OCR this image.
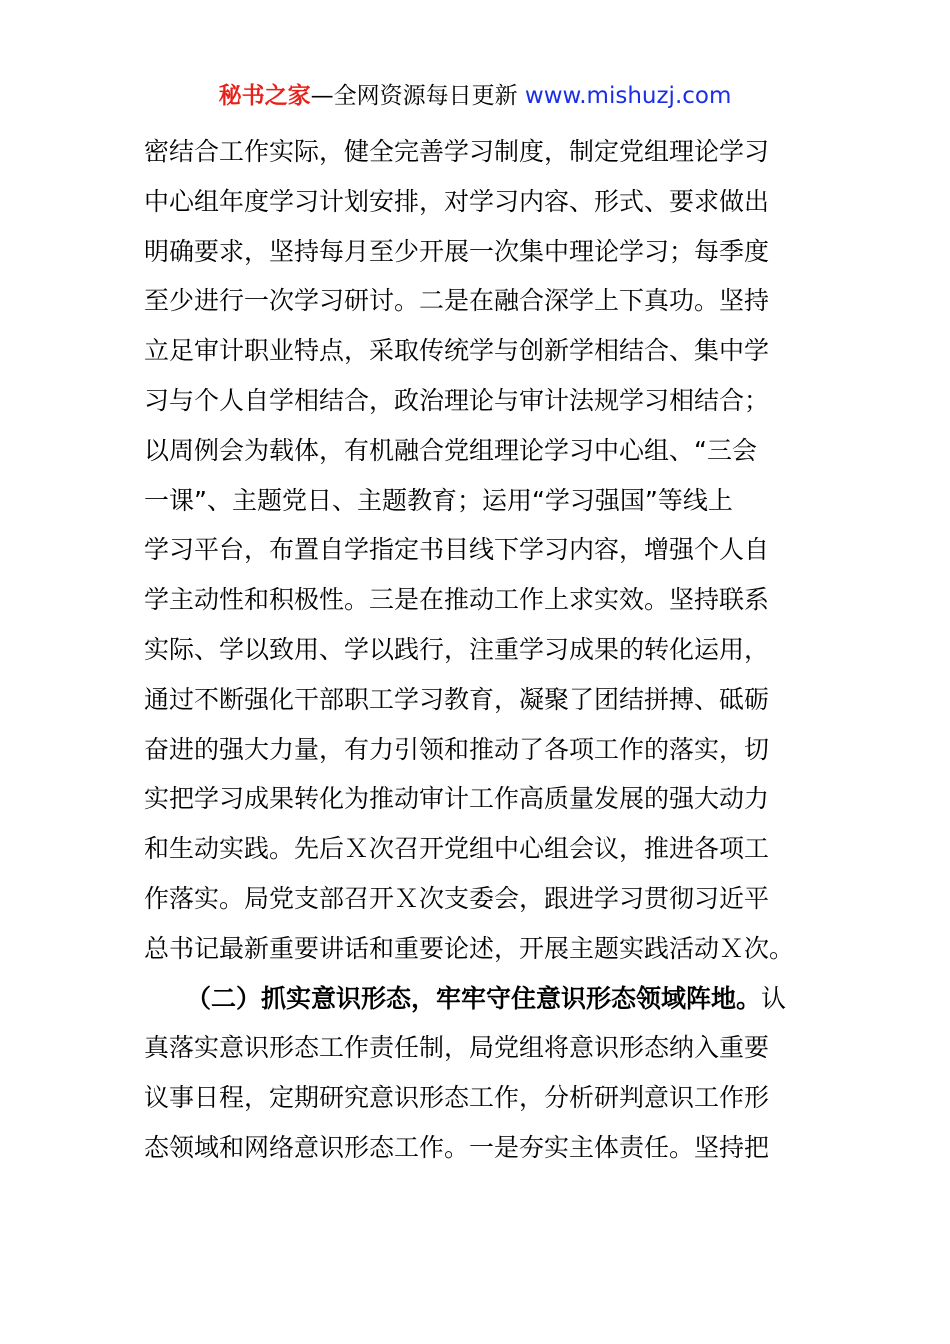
秘书之家—全网资源每日更新 www.mishuzj.com
密结合工作实际，健全完善学习制度，制定党组理论学习
中心组年度学习计划安排，对学习内容、形式、要求做出
明确要求，坚持每月至少开展一次集中理论学习；每季度
至少进行一次学习研讨。二是在融合深学上下真功。坚持
立足审计职业特点，采取传统学与创新学相结合、集中学
习与个人自学相结合，政治理论与审计法规学习相结合；
以周例会为载体，有机融合党组理论学习中心组、“三会
一课”、主题党日、主题教育；运用“学习强国”等线上
学习平台，布置自学指定书目线下学习内容，增强个人自
学主动性和积极性。三是在推动工作上求实效。坚持联系
实际、学以致用、学以践行，注重学习成果的转化运用，
通过不断强化干部职工学习教育，凝聚了团结拼搏、砥砺
奋进的强大力量，有力引领和推动了各项工作的落实，切
实把学习成果转化为推动审计工作高质量发展的强大动力
和生动实践。先后Ｘ次召开党组中心组会议，推进各项工
作落实。局党支部召开Ｘ次支委会，跟进学习贯彻习近平
总书记最新重要讲话和重要论述，开展主题实践活动Ｘ次。
（二）抓实意识形态，牢牢守住意识形态领域阵地。认
真落实意识形态工作责任制，局党组将意识形态纳入重要
议事日程，定期研究意识形态工作，分析研判意识工作形
态领域和网络意识形态工作。一是夯实主体责任。坚持把
